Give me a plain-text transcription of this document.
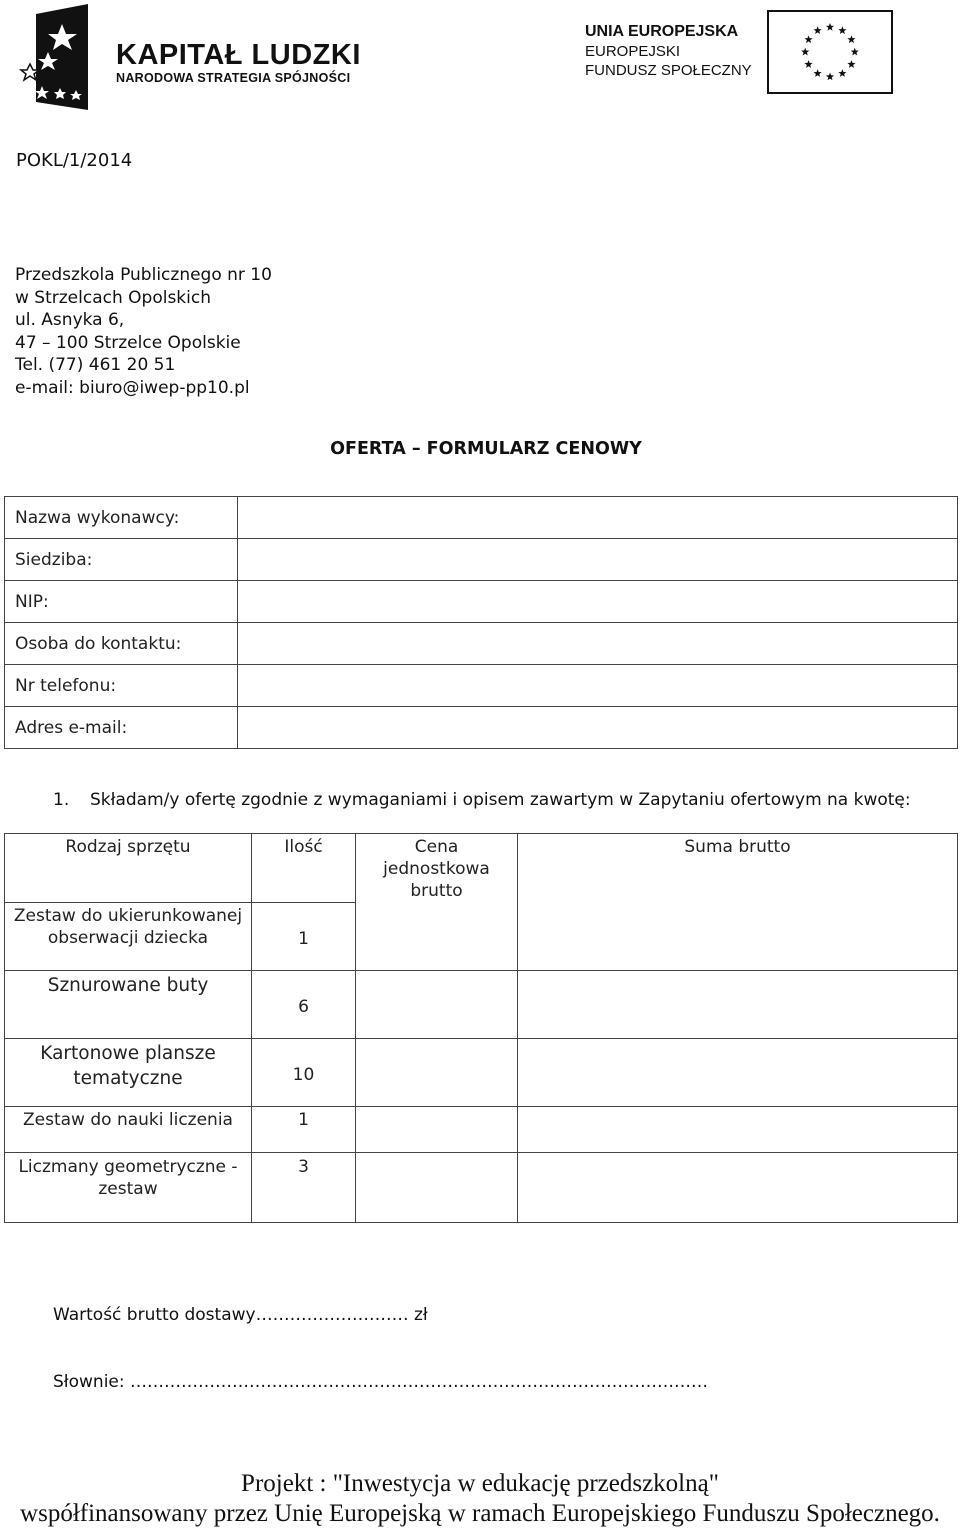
KAPITAŁ LUDZKI
NARODOWA STRATEGIA SPÓJNOŚCI
UNIA EUROPEJSKA
EUROPEJSKI
FUNDUSZ SPOŁECZNY
POKL/1/2014
Przedszkola Publicznego nr 10
w Strzelcach Opolskich
ul. Asnyka 6,
47 – 100 Strzelce Opolskie
Tel. (77) 461 20 51
e-mail: biuro@iwep-pp10.pl
OFERTA – FORMULARZ CENOWY
Nazwa wykonawcy:	
Siedziba:	
NIP:	
Osoba do kontaktu:	
Nr telefonu:	
Adres e-mail:	
1. Składam/y ofertę zgodnie z wymaganiami i opisem zawartym w Zapytaniu ofertowym na kwotę:
Rodzaj sprzętu	Ilość	Cena
jednostkowa
brutto	Suma brutto

Zestaw do ukierunkowanej
obserwacji dziecka	1		

Sznurowane buty	6		

Kartonowe plansze
tematyczne	10		

Zestaw do nauki liczenia	1		

Liczmany geometryczne -
zestaw	3		

Wartość brutto dostawy……………………… zł
Słownie: …………………………………………………………………………………………
Projekt : "Inwestycja w edukację przedszkolną"
współfinansowany przez Unię Europejską w ramach Europejskiego Funduszu Społecznego.
